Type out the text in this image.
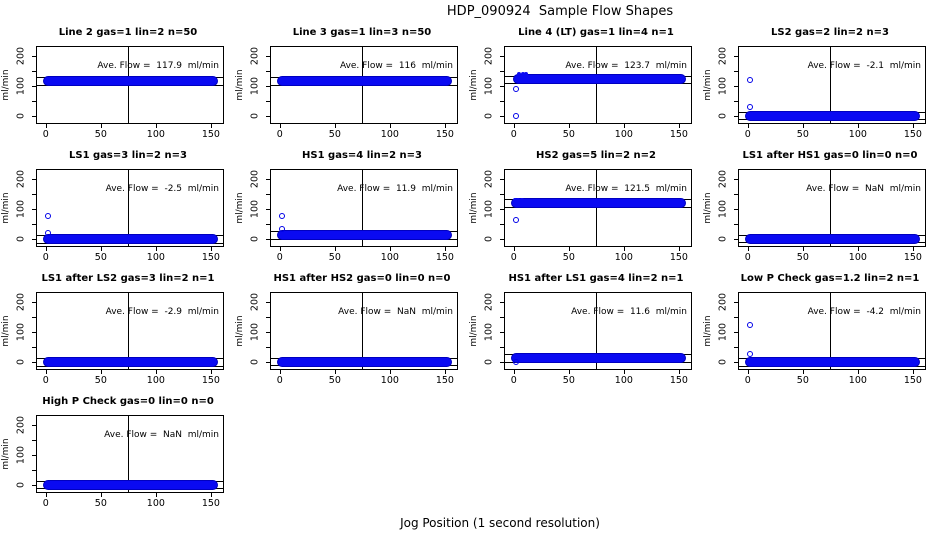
HDP_090924  Sample Flow Shapes
Line 2 gas=1 lin=2 n=50
0
100
200
ml/min
0	50	100	150
Ave. Flow =  117.9  ml/min
Line 3 gas=1 lin=3 n=50
0
100
200
ml/min
0	50	100	150
Ave. Flow =  116  ml/min
Line 4 (LT) gas=1 lin=4 n=1
0
100
200
ml/min
0	50	100	150
Ave. Flow =  123.7  ml/min
LS2 gas=2 lin=2 n=3
0
100
200
ml/min
0	50	100	150
Ave. Flow =  -2.1  ml/min
LS1 gas=3 lin=2 n=3
0
100
200
ml/min
0	50	100	150
Ave. Flow =  -2.5  ml/min
HS1 gas=4 lin=2 n=3
0
100
200
ml/min
0	50	100	150
Ave. Flow =  11.9  ml/min
HS2 gas=5 lin=2 n=2
0
100
200
ml/min
0	50	100	150
Ave. Flow =  121.5  ml/min
LS1 after HS1 gas=0 lin=0 n=0
0
100
200
ml/min
0	50	100	150
Ave. Flow =  NaN  ml/min
LS1 after LS2 gas=3 lin=2 n=1
0
100
200
ml/min
0	50	100	150
Ave. Flow =  -2.9  ml/min
HS1 after HS2 gas=0 lin=0 n=0
0
100
200
ml/min
0	50	100	150
Ave. Flow =  NaN  ml/min
HS1 after LS1 gas=4 lin=2 n=1
0
100
200
ml/min
0	50	100	150
Ave. Flow =  11.6  ml/min
Low P Check gas=1.2 lin=2 n=1
0
100
200
ml/min
0	50	100	150
Ave. Flow =  -4.2  ml/min
High P Check gas=0 lin=0 n=0
0
100
200
ml/min
0	50	100	150
Ave. Flow =  NaN  ml/min
Jog Position (1 second resolution)
